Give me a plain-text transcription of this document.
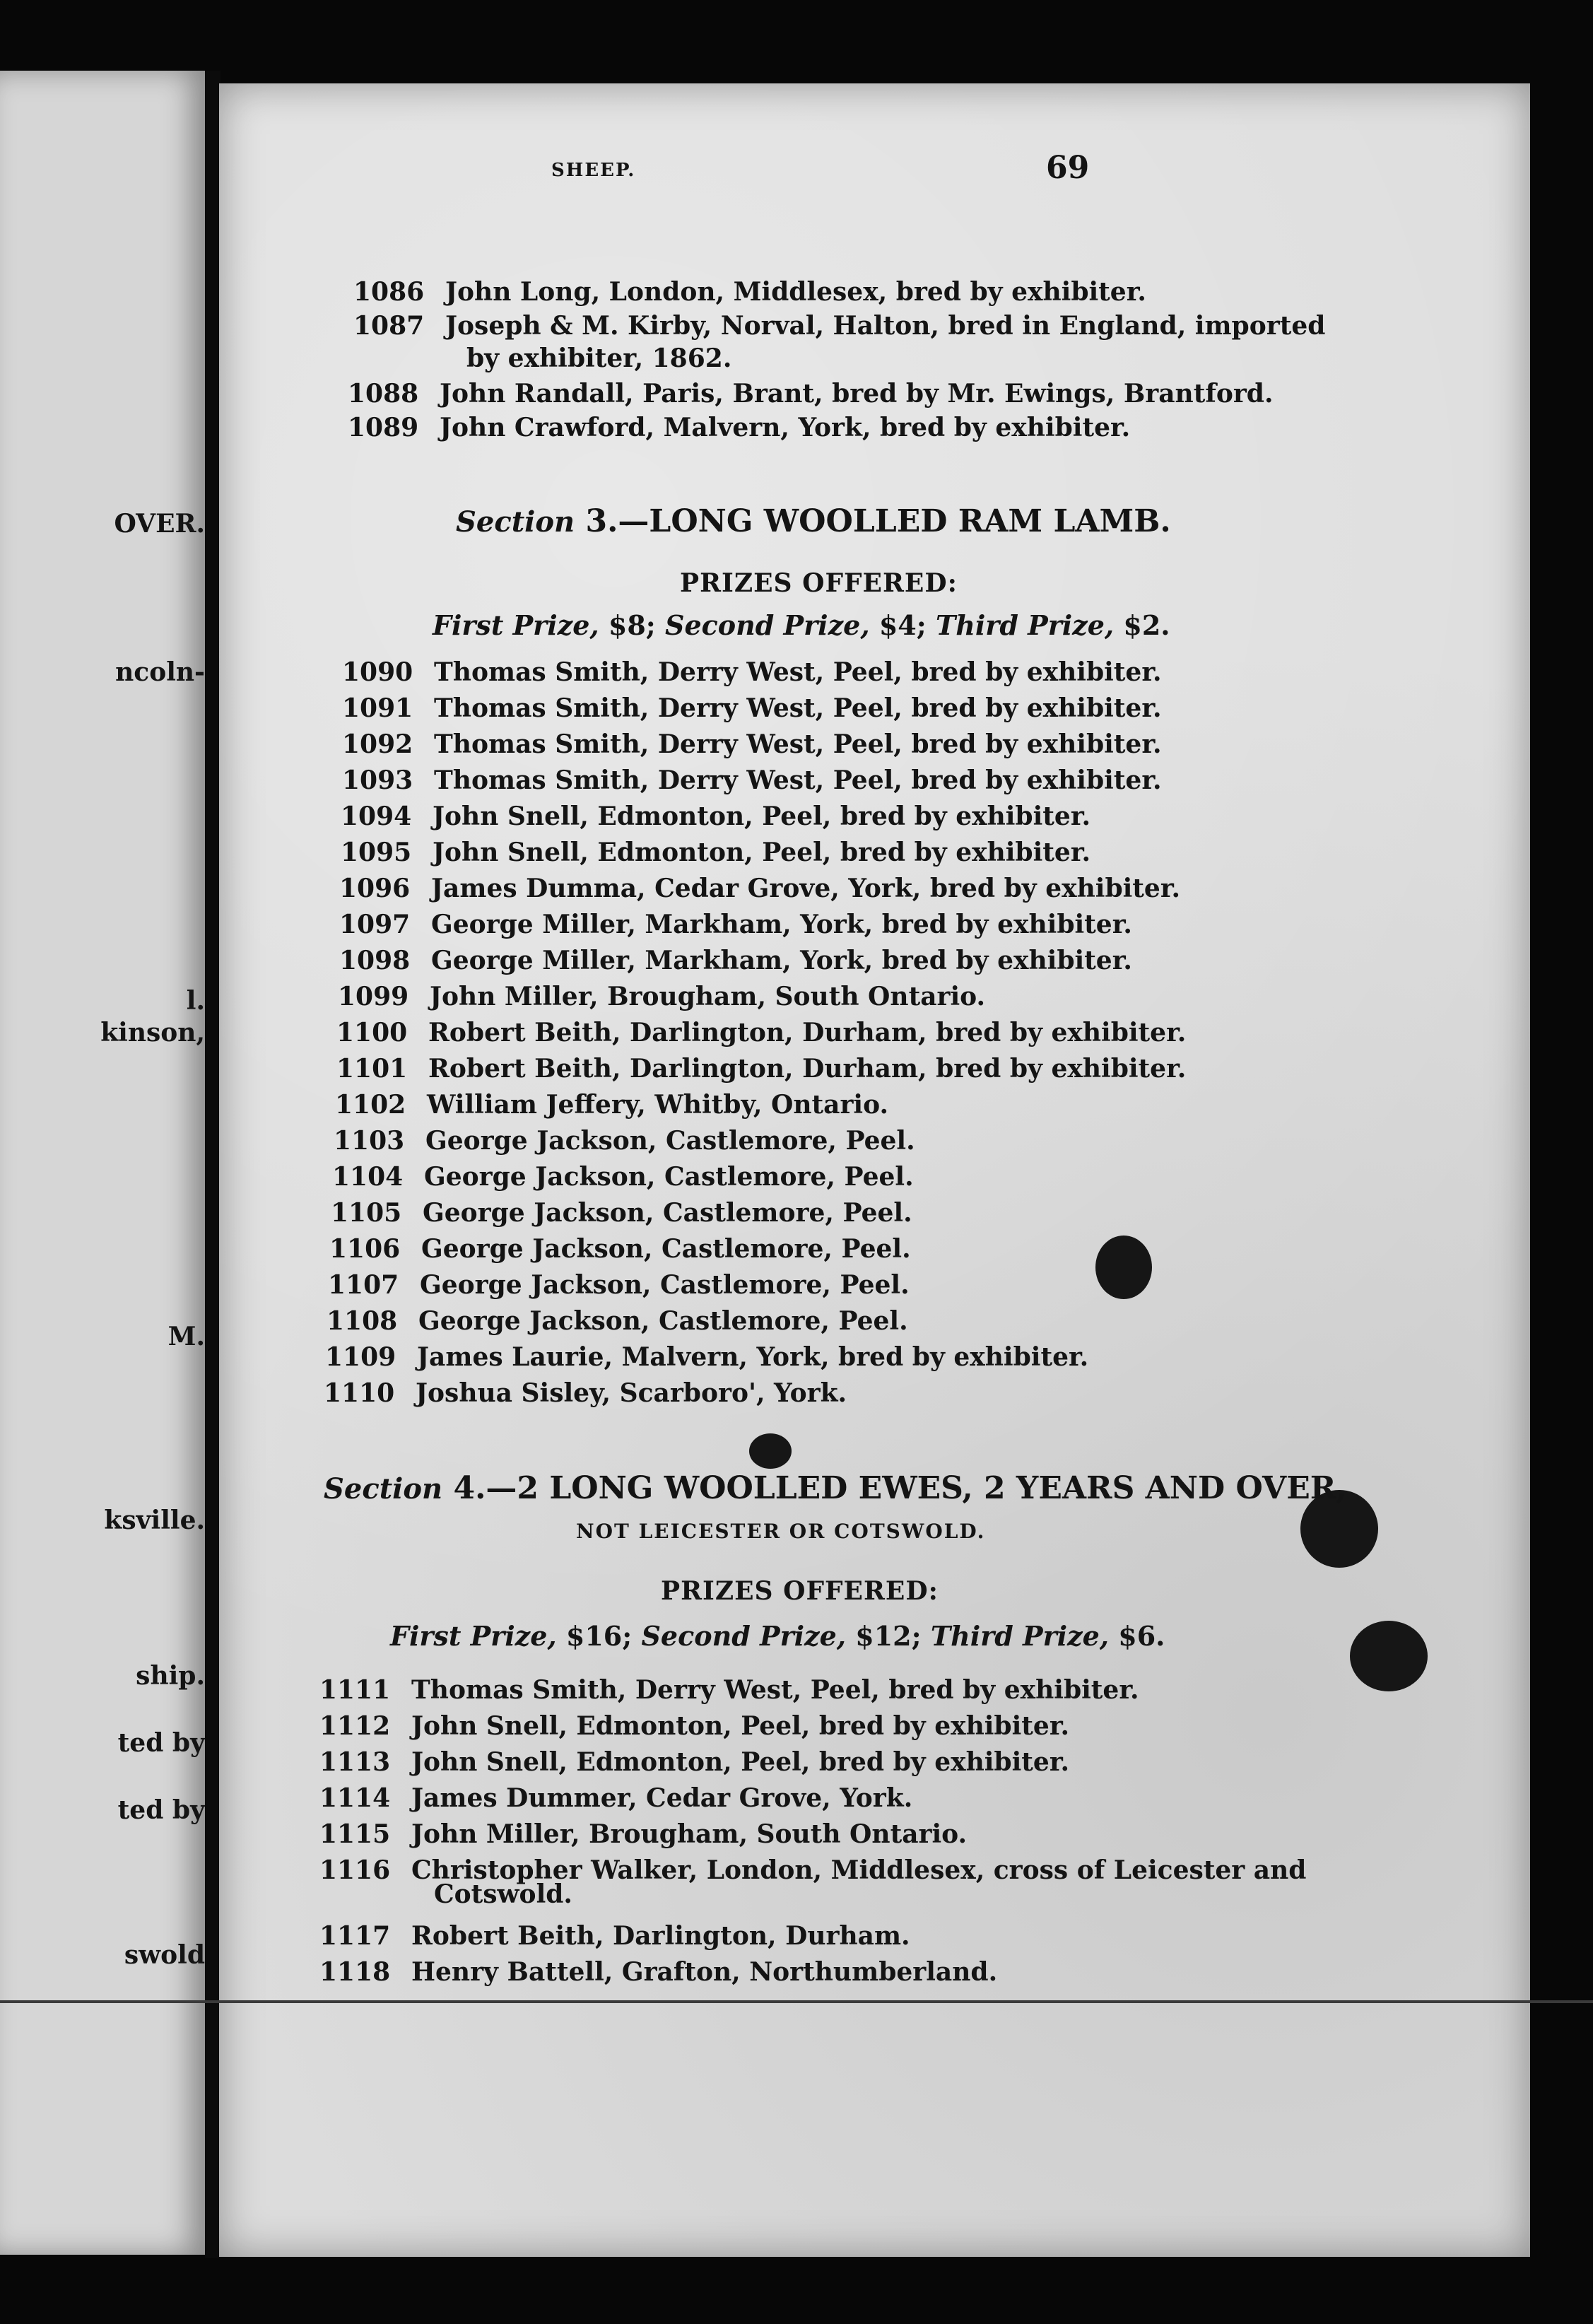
OVER.
ncoln-
l.
kinson,
M.
ksville.
ship.
ted by
ted by
swold
SHEEP.	69
1086 John Long, London, Middlesex, bred by exhibiter.
1087 Joseph & M. Kirby, Norval, Halton, bred in England, imported
by exhibiter, 1862.
1088 John Randall, Paris, Brant, bred by Mr. Ewings, Brantford.
1089 John Crawford, Malvern, York, bred by exhibiter.
Section 3.—LONG WOOLLED RAM LAMB.
PRIZES OFFERED:
First Prize, $8; Second Prize, $4; Third Prize, $2.
1090 Thomas Smith, Derry West, Peel, bred by exhibiter.
1091 Thomas Smith, Derry West, Peel, bred by exhibiter.
1092 Thomas Smith, Derry West, Peel, bred by exhibiter.
1093 Thomas Smith, Derry West, Peel, bred by exhibiter.
1094 John Snell, Edmonton, Peel, bred by exhibiter.
1095 John Snell, Edmonton, Peel, bred by exhibiter.
1096 James Dumma, Cedar Grove, York, bred by exhibiter.
1097 George Miller, Markham, York, bred by exhibiter.
1098 George Miller, Markham, York, bred by exhibiter.
1099 John Miller, Brougham, South Ontario.
1100 Robert Beith, Darlington, Durham, bred by exhibiter.
1101 Robert Beith, Darlington, Durham, bred by exhibiter.
1102 William Jeffery, Whitby, Ontario.
1103 George Jackson, Castlemore, Peel.
1104 George Jackson, Castlemore, Peel.
1105 George Jackson, Castlemore, Peel.
1106 George Jackson, Castlemore, Peel.
1107 George Jackson, Castlemore, Peel.
1108 George Jackson, Castlemore, Peel.
1109 James Laurie, Malvern, York, bred by exhibiter.
1110 Joshua Sisley, Scarboro', York.
Section 4.—2 LONG WOOLLED EWES, 2 YEARS AND OVER,
NOT LEICESTER OR COTSWOLD.
PRIZES OFFERED:
First Prize, $16; Second Prize, $12; Third Prize, $6.
1111 Thomas Smith, Derry West, Peel, bred by exhibiter.
1112 John Snell, Edmonton, Peel, bred by exhibiter.
1113 John Snell, Edmonton, Peel, bred by exhibiter.
1114 James Dummer, Cedar Grove, York.
1115 John Miller, Brougham, South Ontario.
1116 Christopher Walker, London, Middlesex, cross of Leicester and
Cotswold.
1117 Robert Beith, Darlington, Durham.
1118 Henry Battell, Grafton, Northumberland.
